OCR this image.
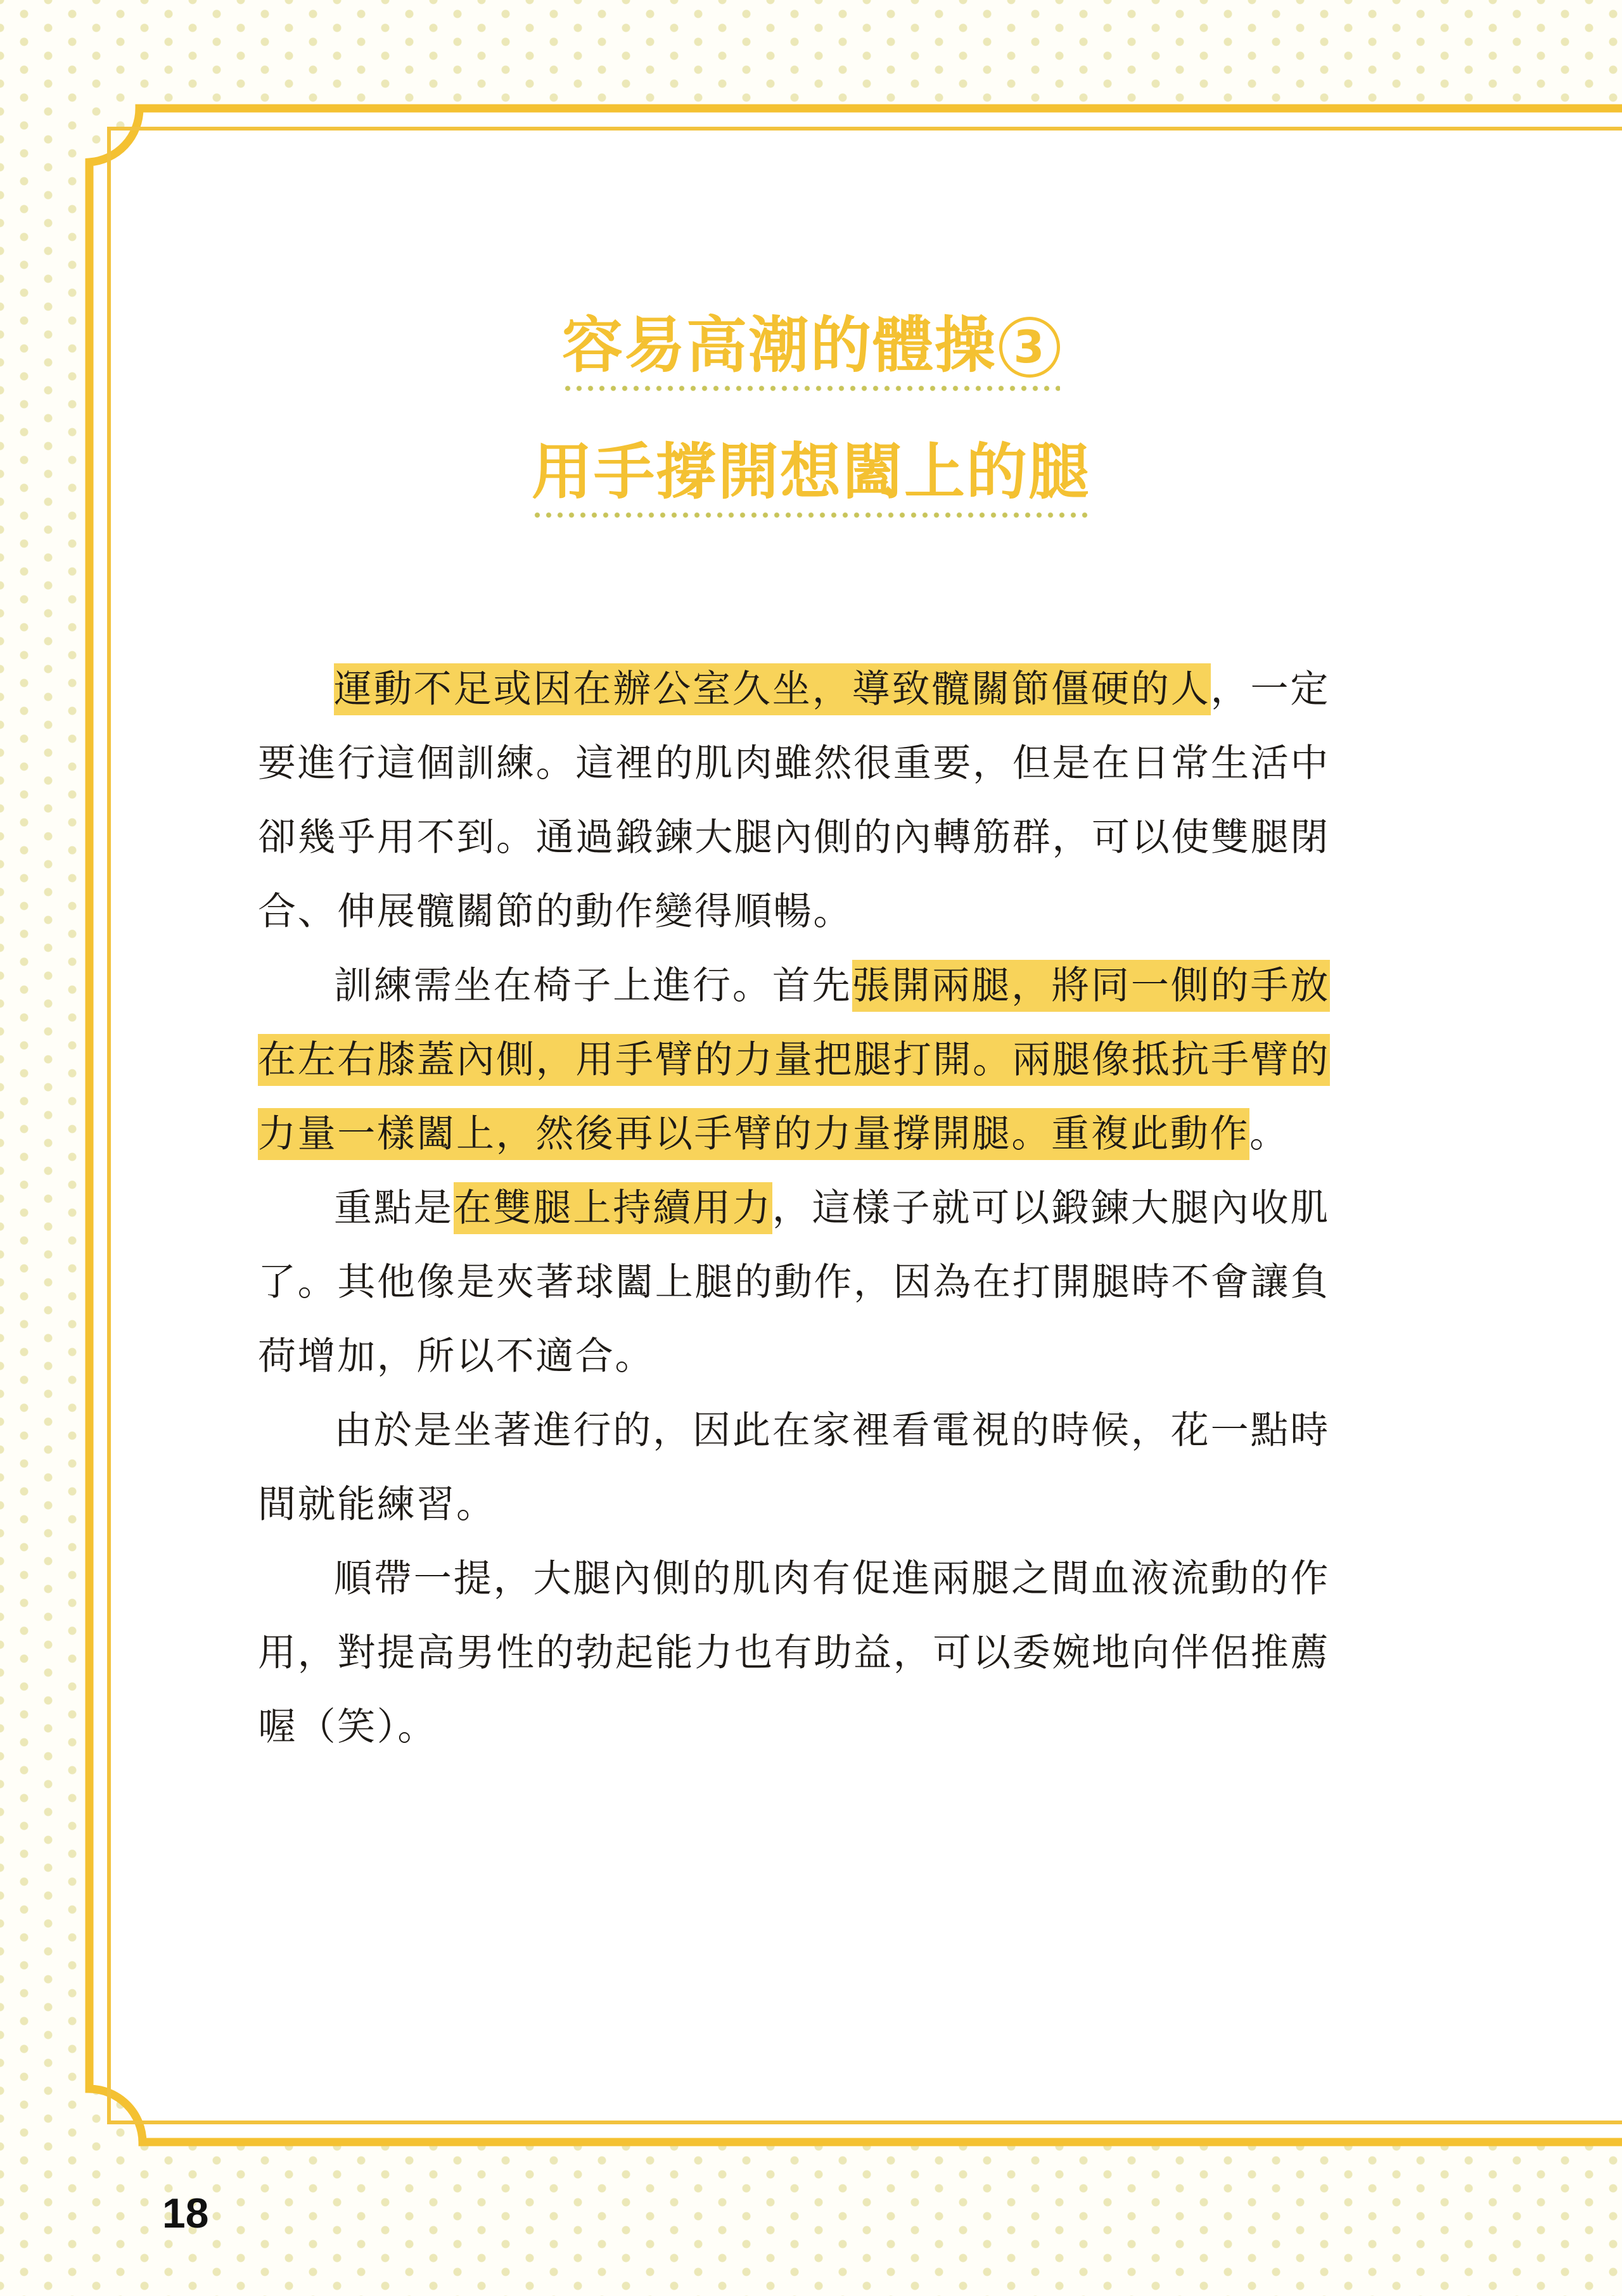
容易高潮的體操 3
用手撐開想闔上的腿

運動不足或因在辦公室久坐，導致髖關節僵硬的人，一定要進行這個訓練。這裡的肌肉雖然很重要，但是在日常生活中卻幾乎用不到。通過鍛鍊大腿內側的內轉筋群，可以使雙腿閉合、伸展髖關節的動作變得順暢。

訓練需坐在椅子上進行。首先張開兩腿，將同一側的手放在左右膝蓋內側，用手臂的力量把腿打開。兩腿像抵抗手臂的力量一樣闔上，然後再以手臂的力量撐開腿。重複此動作。

重點是在雙腿上持續用力，這樣子就可以鍛鍊大腿內收肌了。其他像是夾著球闔上腿的動作，因為在打開腿時不會讓負荷增加，所以不適合。

由於是坐著進行的，因此在家裡看電視的時候，花一點時間就能練習。

順帶一提，大腿內側的肌肉有促進兩腿之間血液流動的作用，對提高男性的勃起能力也有助益，可以委婉地向伴侶推薦喔（笑）。

18
